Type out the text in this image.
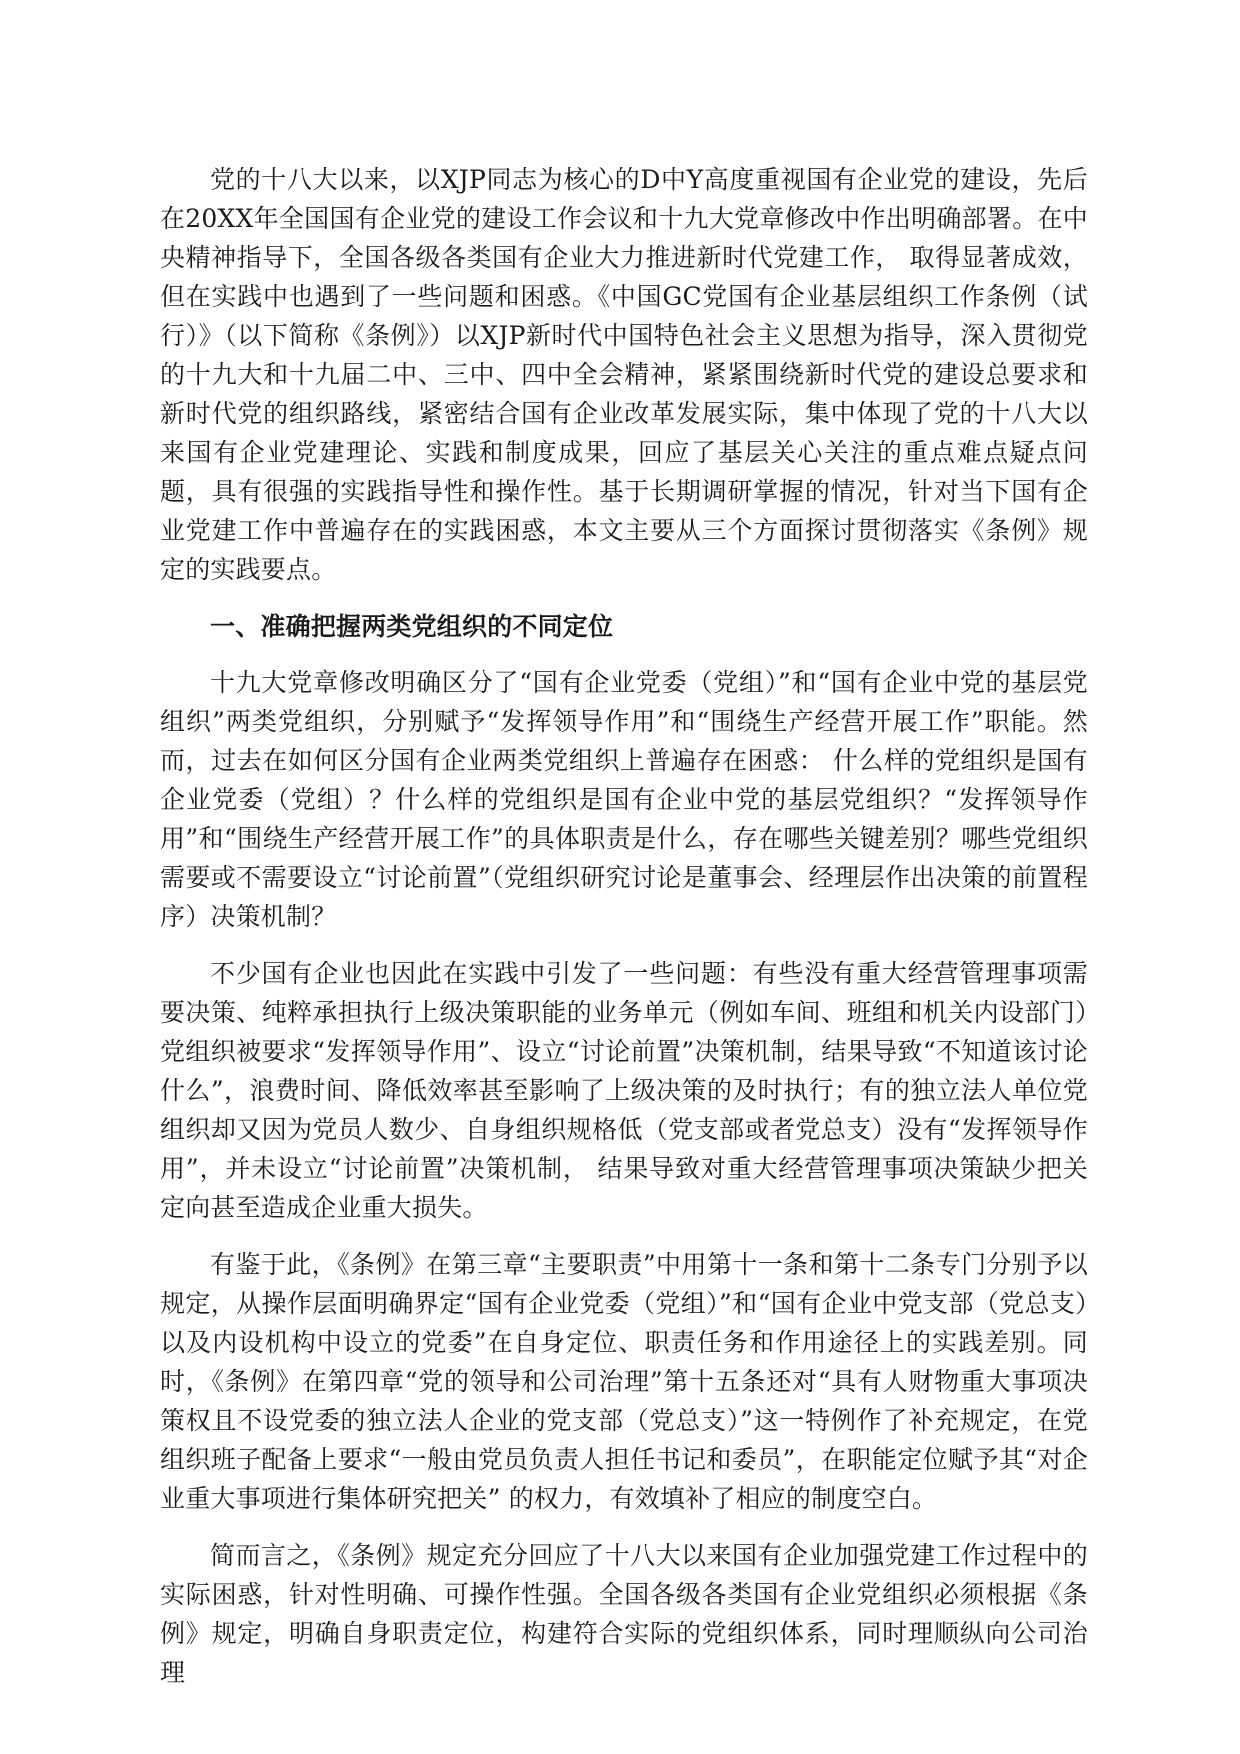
党的十八大以来，以XJP同志为核心的D中Y高度重视国有企业党的建设，先后在20XX年全国国有企业党的建设工作会议和十九大党章修改中作出明确部署。在中央精神指导下，全国各级各类国有企业大力推进新时代党建工作， 取得显著成效，但在实践中也遇到了一些问题和困惑。《中国GC党国有企业基层组织工作条例（试行）》（以下简称《条例》）以XJP新时代中国特色社会主义思想为指导，深入贯彻党的十九大和十九届二中、三中、四中全会精神，紧紧围绕新时代党的建设总要求和新时代党的组织路线，紧密结合国有企业改革发展实际，集中体现了党的十八大以来国有企业党建理论、实践和制度成果，回应了基层关心关注的重点难点疑点问题，具有很强的实践指导性和操作性。基于长期调研掌握的情况，针对当下国有企业党建工作中普遍存在的实践困惑，本文主要从三个方面探讨贯彻落实《条例》规定的实践要点。

一、准确把握两类党组织的不同定位

十九大党章修改明确区分了“国有企业党委（党组）”和“国有企业中党的基层党组织”两类党组织，分别赋予“发挥领导作用”和“围绕生产经营开展工作”职能。然而，过去在如何区分国有企业两类党组织上普遍存在困惑： 什么样的党组织是国有企业党委（党组）？什么样的党组织是国有企业中党的基层党组织？“发挥领导作用”和“围绕生产经营开展工作”的具体职责是什么，存在哪些关键差别？哪些党组织需要或不需要设立“讨论前置”（党组织研究讨论是董事会、经理层作出决策的前置程序）决策机制？

不少国有企业也因此在实践中引发了一些问题：有些没有重大经营管理事项需要决策、纯粹承担执行上级决策职能的业务单元（例如车间、班组和机关内设部门）党组织被要求“发挥领导作用”、设立“讨论前置”决策机制，结果导致“不知道该讨论什么”，浪费时间、降低效率甚至影响了上级决策的及时执行；有的独立法人单位党组织却又因为党员人数少、自身组织规格低（党支部或者党总支）没有“发挥领导作用”，并未设立“讨论前置”决策机制， 结果导致对重大经营管理事项决策缺少把关定向甚至造成企业重大损失。

有鉴于此，《条例》在第三章“主要职责”中用第十一条和第十二条专门分别予以规定，从操作层面明确界定“国有企业党委（党组）”和“国有企业中党支部（党总支）以及内设机构中设立的党委”在自身定位、职责任务和作用途径上的实践差别。同时，《条例》在第四章“党的领导和公司治理”第十五条还对“具有人财物重大事项决策权且不设党委的独立法人企业的党支部（党总支）”这一特例作了补充规定，在党组织班子配备上要求“一般由党员负责人担任书记和委员”，在职能定位赋予其“对企业重大事项进行集体研究把关” 的权力，有效填补了相应的制度空白。

简而言之，《条例》规定充分回应了十八大以来国有企业加强党建工作过程中的实际困惑，针对性明确、可操作性强。全国各级各类国有企业党组织必须根据《条例》规定，明确自身职责定位，构建符合实际的党组织体系，同时理顺纵向公司治理
